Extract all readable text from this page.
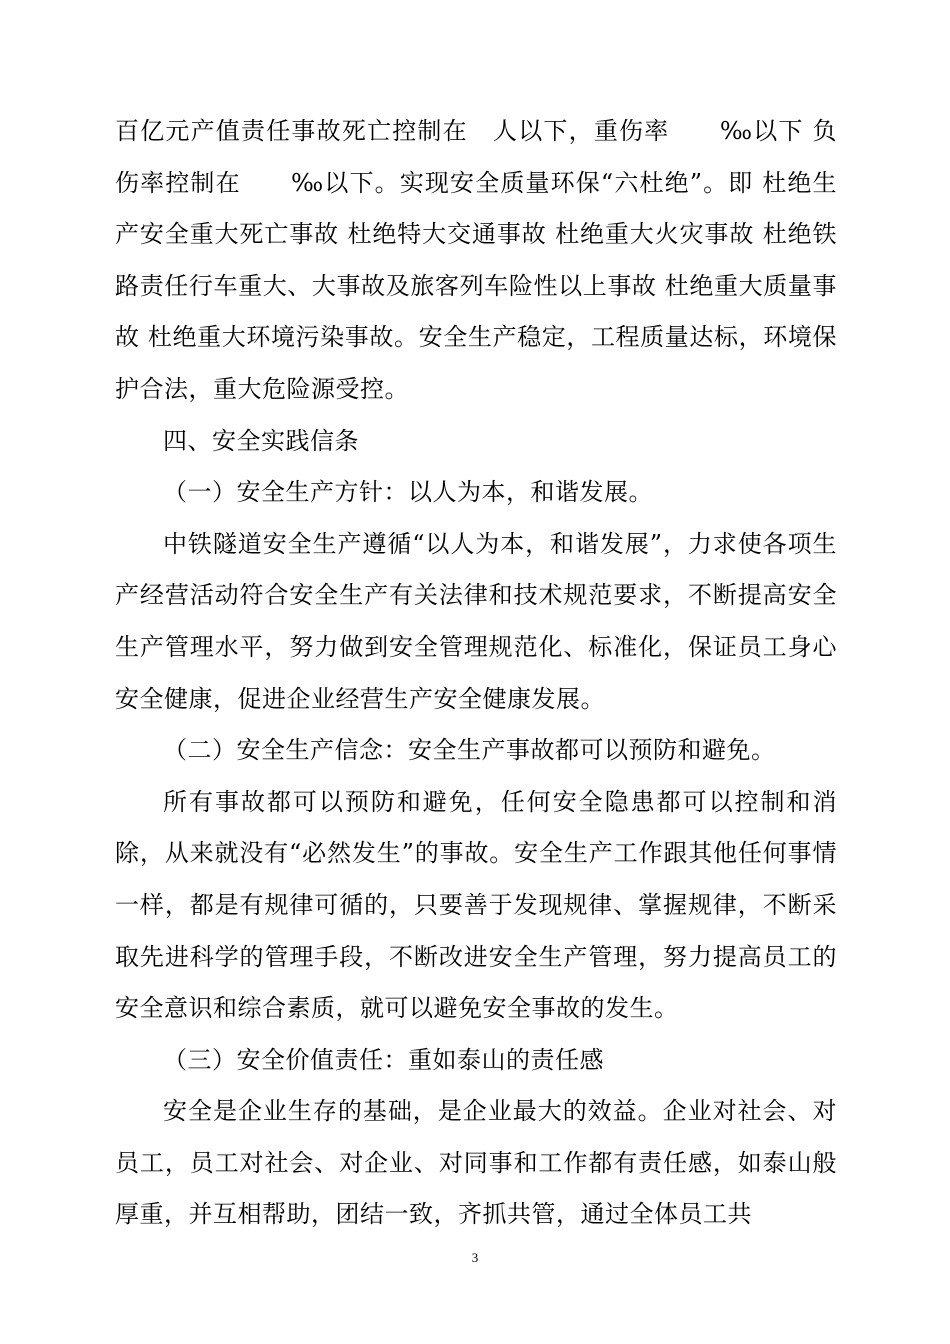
百亿元产值责任事故死亡控制在　人以下，重伤率　　‰以下 负伤率控制在　　‰以下。实现安全质量环保“六杜绝”。即 杜绝生产安全重大死亡事故 杜绝特大交通事故 杜绝重大火灾事故 杜绝铁路责任行车重大、大事故及旅客列车险性以上事故 杜绝重大质量事故 杜绝重大环境污染事故。安全生产稳定，工程质量达标，环境保护合法，重大危险源受控。

四、安全实践信条

（一）安全生产方针：以人为本，和谐发展。

中铁隧道安全生产遵循“以人为本，和谐发展”，力求使各项生产经营活动符合安全生产有关法律和技术规范要求，不断提高安全生产管理水平，努力做到安全管理规范化、标准化，保证员工身心安全健康，促进企业经营生产安全健康发展。

（二）安全生产信念：安全生产事故都可以预防和避免。

所有事故都可以预防和避免，任何安全隐患都可以控制和消除，从来就没有“必然发生”的事故。安全生产工作跟其他任何事情一样，都是有规律可循的，只要善于发现规律、掌握规律，不断采取先进科学的管理手段，不断改进安全生产管理，努力提高员工的安全意识和综合素质，就可以避免安全事故的发生。

（三）安全价值责任：重如泰山的责任感

安全是企业生存的基础，是企业最大的效益。企业对社会、对员工，员工对社会、对企业、对同事和工作都有责任感，如泰山般厚重，并互相帮助，团结一致，齐抓共管，通过全体员工共

3
